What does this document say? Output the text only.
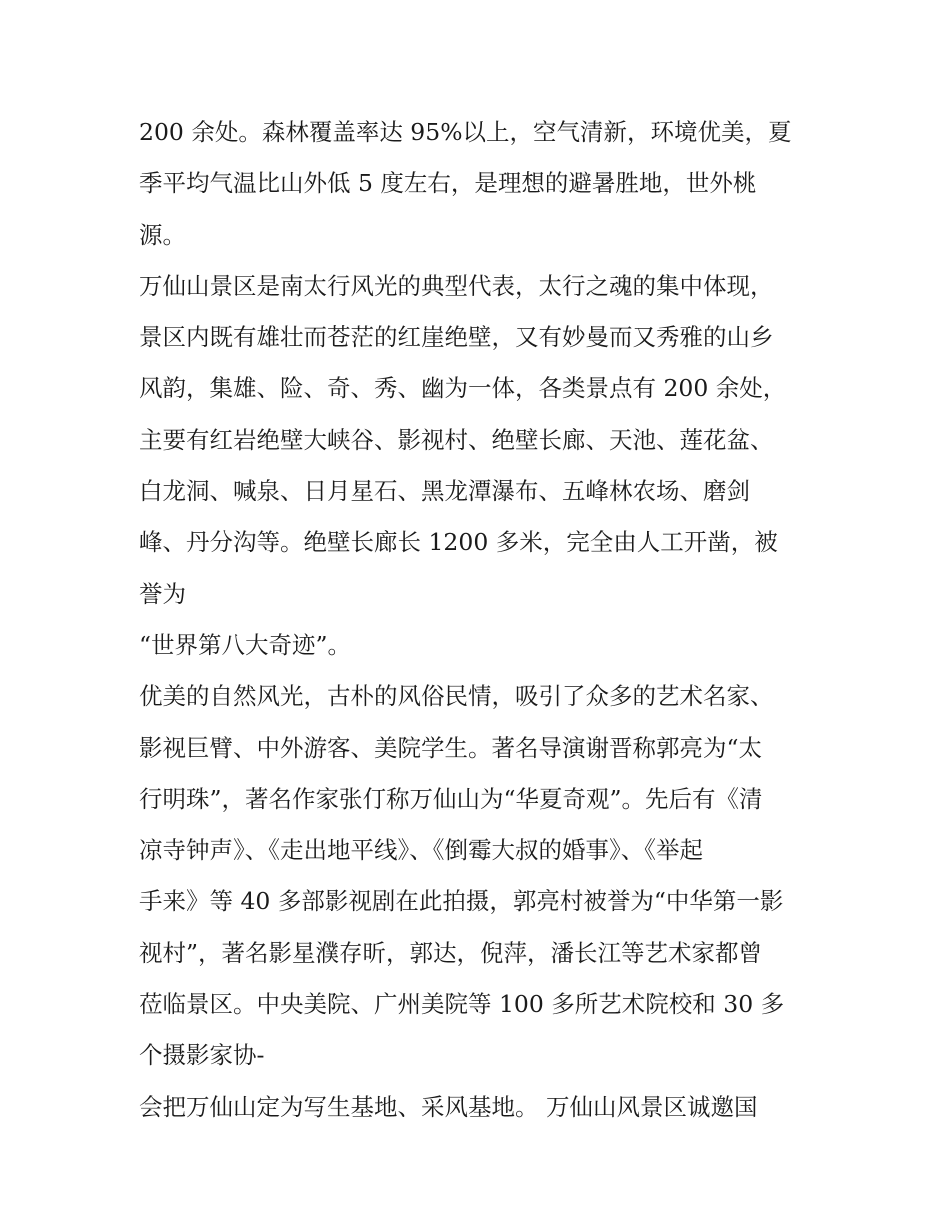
200 余处。森林覆盖率达 95%以上，空气清新，环境优美，夏
季平均气温比山外低 5 度左右，是理想的避暑胜地，世外桃
源。
万仙山景区是南太行风光的典型代表，太行之魂的集中体现，
景区内既有雄壮而苍茫的红崖绝壁，又有妙曼而又秀雅的山乡
风韵，集雄、险、奇、秀、幽为一体，各类景点有 200 余处，
主要有红岩绝壁大峡谷、影视村、绝壁长廊、天池、莲花盆、
白龙洞、喊泉、日月星石、黑龙潭瀑布、五峰林农场、磨剑
峰、丹分沟等。绝壁长廊长 1200 多米，完全由人工开凿，被
誉为
“世界第八大奇迹”。
优美的自然风光，古朴的风俗民情，吸引了众多的艺术名家、
影视巨臂、中外游客、美院学生。著名导演谢晋称郭亮为“太
行明珠”，著名作家张仃称万仙山为“华夏奇观”。先后有《清
凉寺钟声》、《走出地平线》、《倒霉大叔的婚事》、《举起
手来》等 40 多部影视剧在此拍摄，郭亮村被誉为“中华第一影
视村”，著名影星濮存昕，郭达，倪萍，潘长江等艺术家都曾
莅临景区。中央美院、广州美院等 100 多所艺术院校和 30 多
个摄影家协-
会把万仙山定为写生基地、采风基地。 万仙山风景区诚邀国
